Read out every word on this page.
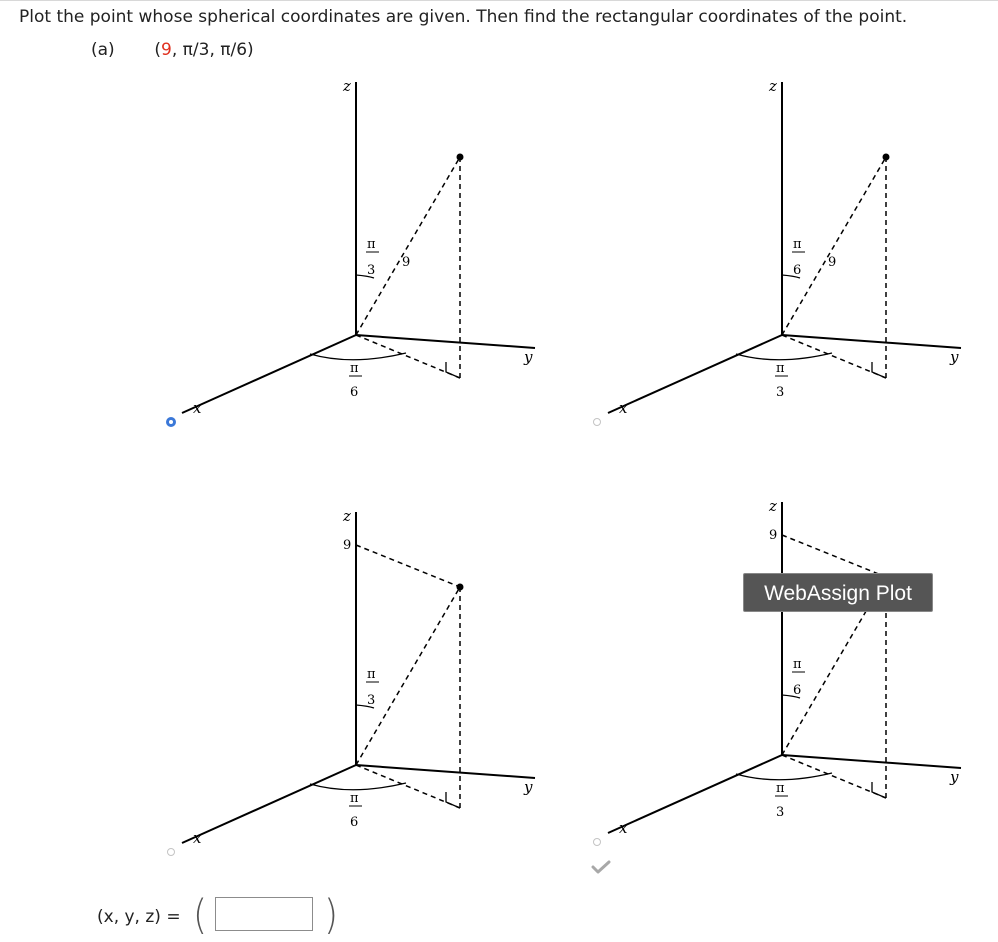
Plot the point whose spherical coordinates are given. Then find the rectangular coordinates of the point.
(a) (9, π/3, π/6)
z
y
x
9
π
3
π
6
z
y
x
9
π
6
π
3
z
y
x
9
π
3
π
6
z
y
x
9
π
6
π
3
WebAssign Plot
(x, y, z) = (	)
